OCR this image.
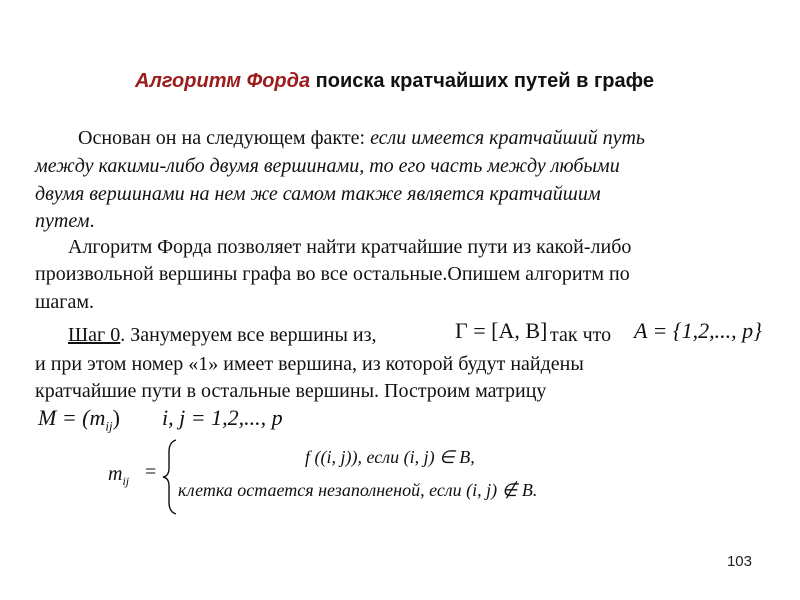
Алгоритм Форда поиска кратчайших путей в графе
Основан он на следующем факте: если имеется кратчайший путь
между какими-либо двумя вершинами, то его часть между любыми
двумя вершинами на нем же самом также является кратчайшим
путем.
Алгоритм Форда позволяет найти кратчайшие пути из какой-либо
произвольной вершины графа во все остальные.Опишем алгоритм по
шагам.
Шаг 0. Занумеруем все вершины из,	Γ = [A, B] так что A = {1,2,..., p}
и при этом номер «1» имеет вершина, из которой будут найдены
кратчайшие пути в остальные вершины. Построим матрицу
$M = (m_{ij})$ i, j = 1,2,..., p
$m_{ij}$ =
f ((i, j)), если (i, j) ∈ B,
клетка остается незаполненой, если (i, j) ∉ B.
103
